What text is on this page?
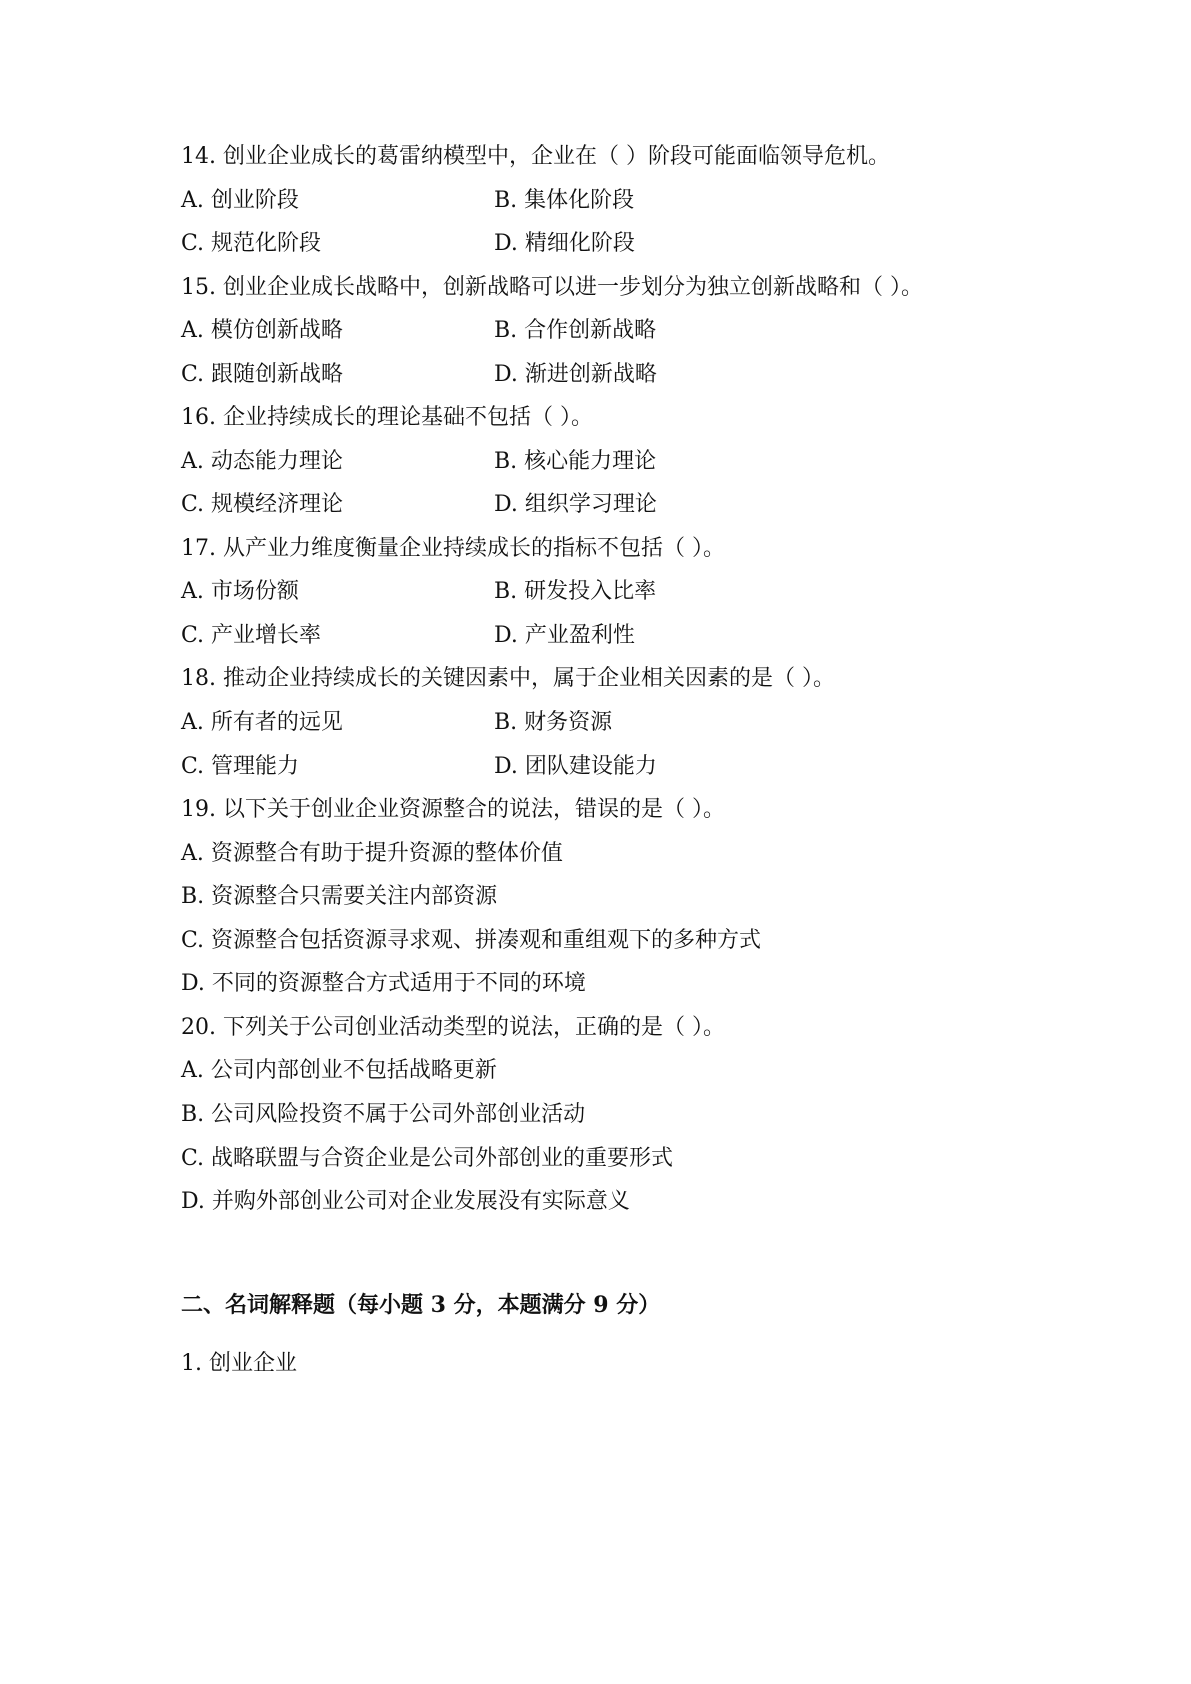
14. 创业企业成长的葛雷纳模型中，企业在（ ）阶段可能面临领导危机。
A. 创业阶段	B. 集体化阶段
C. 规范化阶段	D. 精细化阶段
15. 创业企业成长战略中，创新战略可以进一步划分为独立创新战略和（ ）。
A. 模仿创新战略	B. 合作创新战略
C. 跟随创新战略	D. 渐进创新战略
16. 企业持续成长的理论基础不包括（ ）。
A. 动态能力理论	B. 核心能力理论
C. 规模经济理论	D. 组织学习理论
17. 从产业力维度衡量企业持续成长的指标不包括（ ）。
A. 市场份额	B. 研发投入比率
C. 产业增长率	D. 产业盈利性
18. 推动企业持续成长的关键因素中，属于企业相关因素的是（ ）。
A. 所有者的远见	B. 财务资源
C. 管理能力	D. 团队建设能力
19. 以下关于创业企业资源整合的说法，错误的是（ ）。
A. 资源整合有助于提升资源的整体价值
B. 资源整合只需要关注内部资源
C. 资源整合包括资源寻求观、拼凑观和重组观下的多种方式
D. 不同的资源整合方式适用于不同的环境
20. 下列关于公司创业活动类型的说法，正确的是（ ）。
A. 公司内部创业不包括战略更新
B. 公司风险投资不属于公司外部创业活动
C. 战略联盟与合资企业是公司外部创业的重要形式
D. 并购外部创业公司对企业发展没有实际意义
二、名词解释题（每小题 3 分，本题满分 9 分）
1. 创业企业
